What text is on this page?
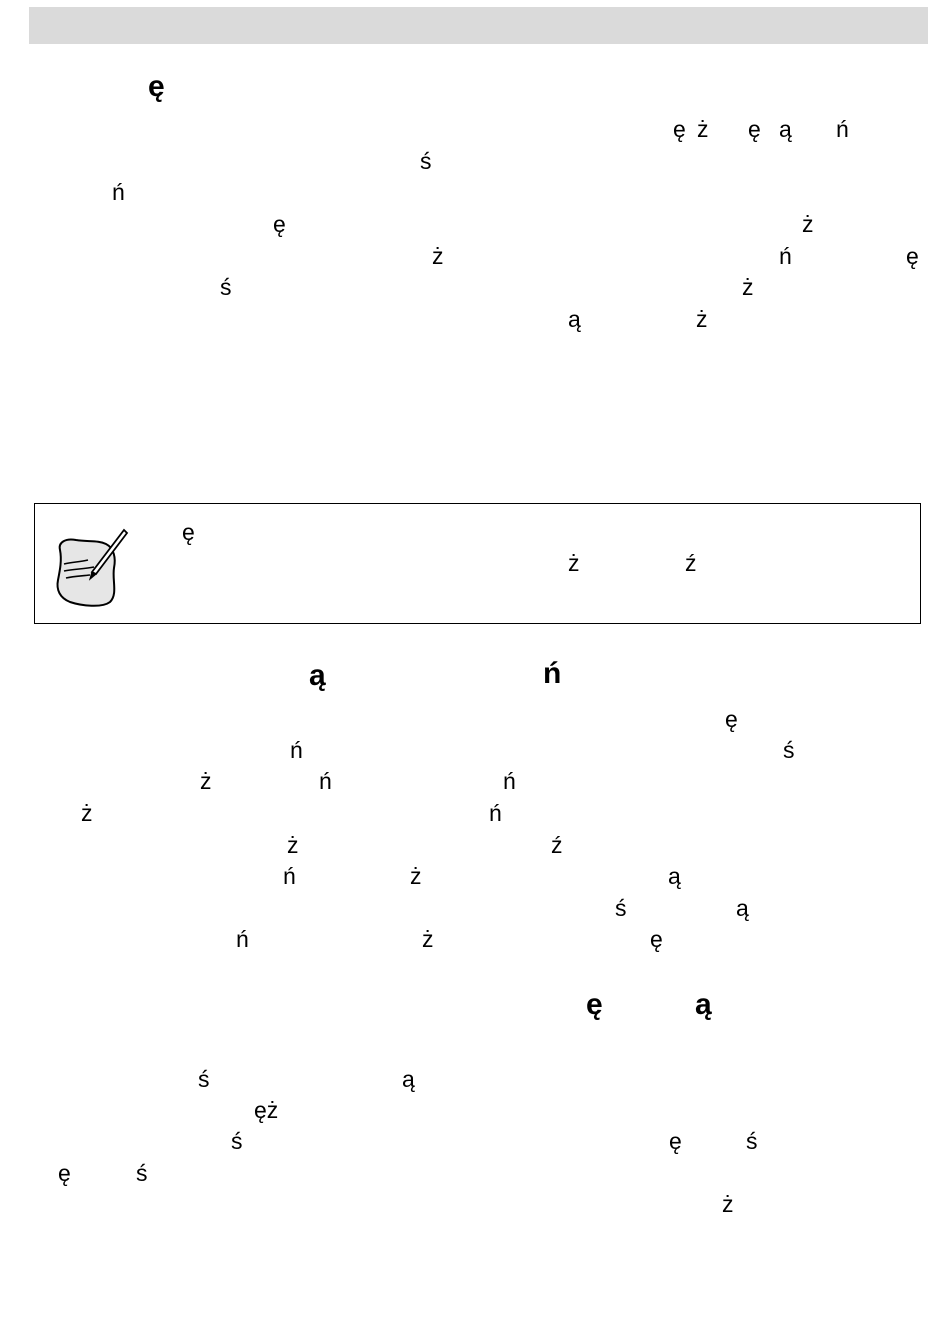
ę
ę ż ę ą ń
ś
ń
ę	ż
ż	ń	ę
ś	ż
ą	ż
ę
ż	ź
ą	ń
ę
ń	ś
ż	ń	ń
ż	ń
ż	ź
ń	ż	ą
ś	ą
ń	ż	ę
ę	ą
ś	ą
ęż
ś	ę	ś
ę	ś
ż
